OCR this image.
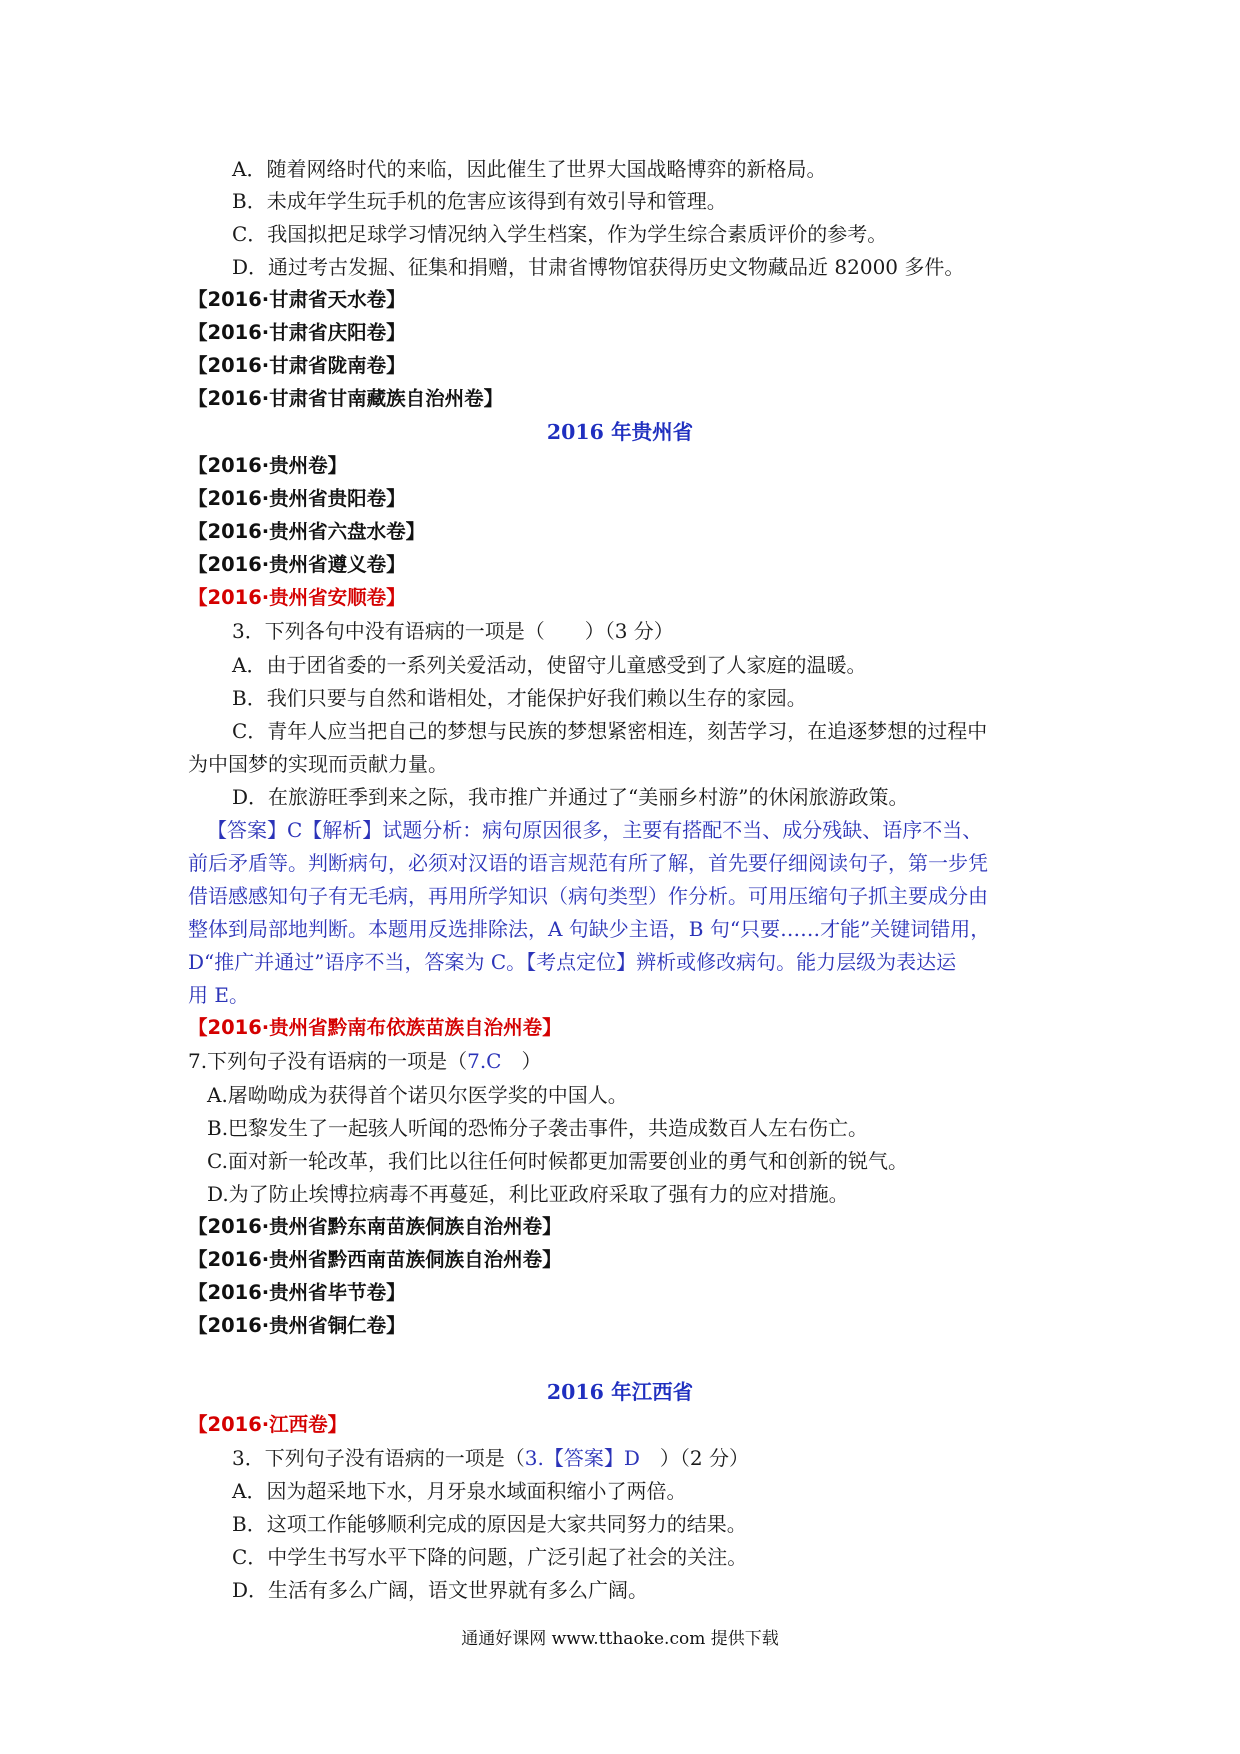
A．随着网络时代的来临，因此催生了世界大国战略博弈的新格局。
B．未成年学生玩手机的危害应该得到有效引导和管理。
C．我国拟把足球学习情况纳入学生档案，作为学生综合素质评价的参考。
D．通过考古发掘、征集和捐赠，甘肃省博物馆获得历史文物藏品近 82000 多件。
【2016·甘肃省天水卷】
【2016·甘肃省庆阳卷】
【2016·甘肃省陇南卷】
【2016·甘肃省甘南藏族自治州卷】
2016 年贵州省
【2016·贵州卷】
【2016·贵州省贵阳卷】
【2016·贵州省六盘水卷】
【2016·贵州省遵义卷】
【2016·贵州省安顺卷】
3．下列各句中没有语病的一项是（　　）（3 分）
A．由于团省委的一系列关爱活动，使留守儿童感受到了人家庭的温暖。
B．我们只要与自然和谐相处，才能保护好我们赖以生存的家园。
C．青年人应当把自己的梦想与民族的梦想紧密相连，刻苦学习，在追逐梦想的过程中
为中国梦的实现而贡献力量。
D．在旅游旺季到来之际，我市推广并通过了“美丽乡村游”的休闲旅游政策。
【答案】C【解析】试题分析：病句原因很多，主要有搭配不当、成分残缺、语序不当、
前后矛盾等。判断病句，必须对汉语的语言规范有所了解，首先要仔细阅读句子，第一步凭
借语感感知句子有无毛病，再用所学知识（病句类型）作分析。可用压缩句子抓主要成分由
整体到局部地判断。本题用反选排除法，A 句缺少主语，B 句“只要……才能”关键词错用，
D“推广并通过”语序不当，答案为 C。【考点定位】辨析或修改病句。能力层级为表达运
用 E。
【2016·贵州省黔南布依族苗族自治州卷】
7.下列句子没有语病的一项是（7.C　）
A.屠呦呦成为获得首个诺贝尔医学奖的中国人。
B.巴黎发生了一起骇人听闻的恐怖分子袭击事件，共造成数百人左右伤亡。
C.面对新一轮改革，我们比以往任何时候都更加需要创业的勇气和创新的锐气。
D.为了防止埃博拉病毒不再蔓延，利比亚政府采取了强有力的应对措施。
【2016·贵州省黔东南苗族侗族自治州卷】
【2016·贵州省黔西南苗族侗族自治州卷】
【2016·贵州省毕节卷】
【2016·贵州省铜仁卷】
2016 年江西省
【2016·江西卷】
3．下列句子没有语病的一项是（3.【答案】D　）（2 分）
A．因为超采地下水，月牙泉水域面积缩小了两倍。
B．这项工作能够顺利完成的原因是大家共同努力的结果。
C．中学生书写水平下降的问题，广泛引起了社会的关注。
D．生活有多么广阔，语文世界就有多么广阔。
通通好课网 www.tthaoke.com 提供下载
